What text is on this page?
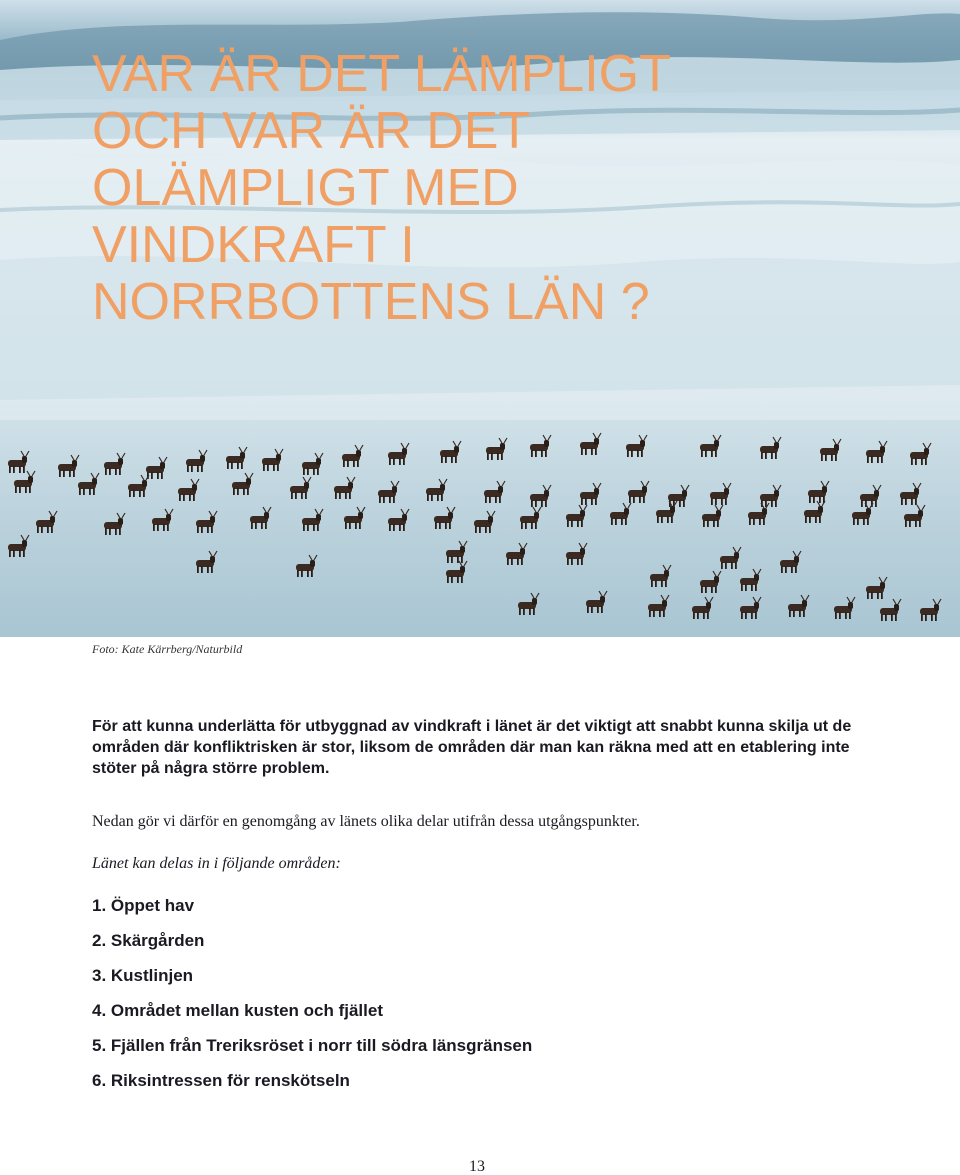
VAR ÄR DET LÄMPLIGT
OCH VAR ÄR DET
OLÄMPLIGT MED
VINDKRAFT I
NORRBOTTENS LÄN ?
Foto: Kate Kärrberg/Naturbild

För att kunna underlätta för utbyggnad av vindkraft i länet är det viktigt att snabbt kunna skilja ut de områden där konfliktrisken är stor, liksom de områden där man kan räkna med att en etablering inte stöter på några större problem.

Nedan gör vi därför en genomgång av länets olika delar utifrån dessa utgångspunkter.

Länet kan delas in i följande områden:

1. Öppet hav
2. Skärgården
3. Kustlinjen
4. Området mellan kusten och fjället
5. Fjällen från Treriksröset i norr till södra länsgränsen
6. Riksintressen för renskötseln
13
